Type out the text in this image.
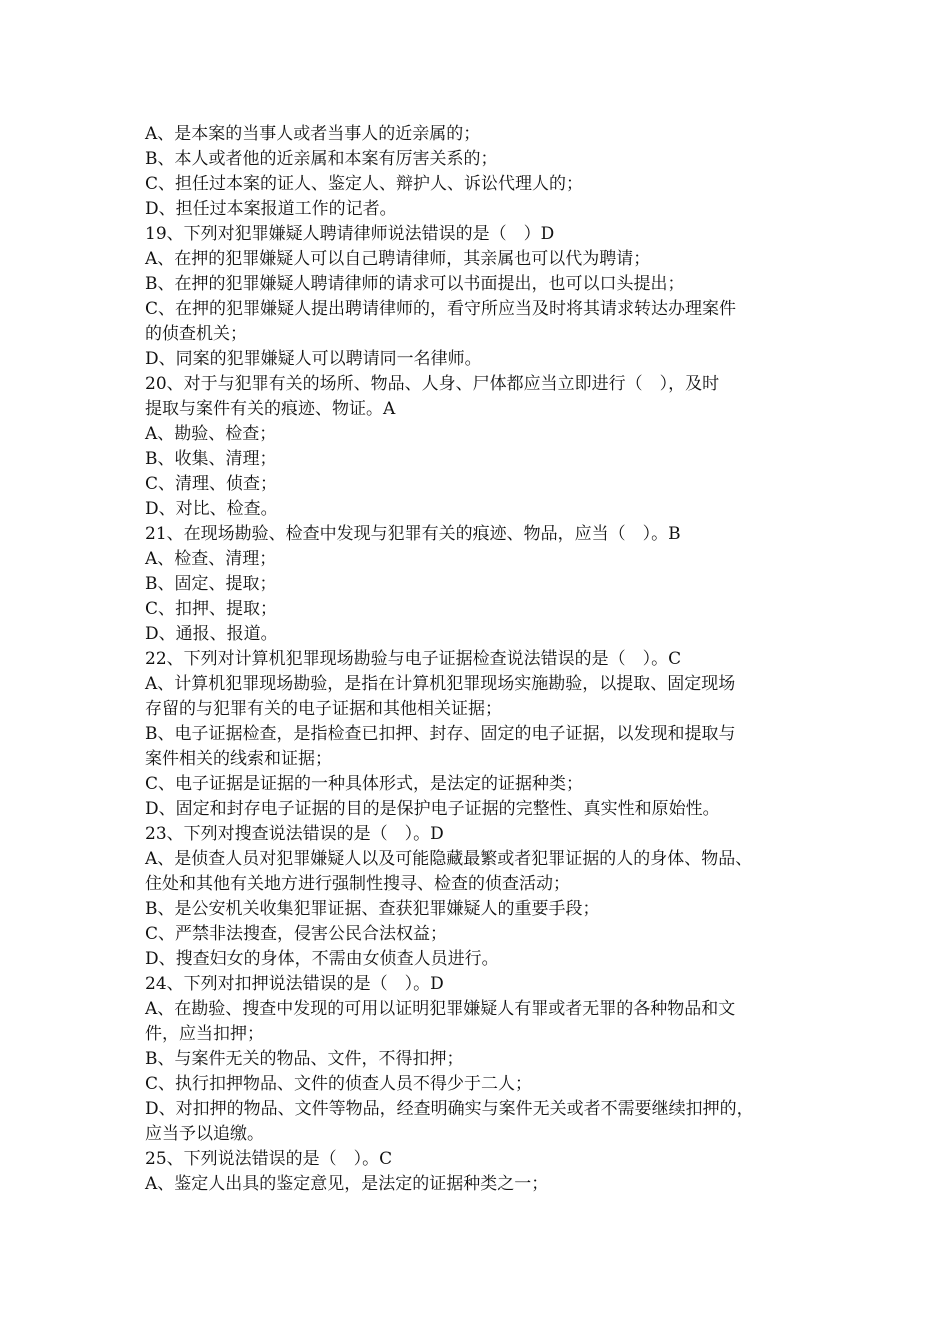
A、是本案的当事人或者当事人的近亲属的；
B、本人或者他的近亲属和本案有厉害关系的；
C、担任过本案的证人、鉴定人、辩护人、诉讼代理人的；
D、担任过本案报道工作的记者。
19、下列对犯罪嫌疑人聘请律师说法错误的是（　）D
A、在押的犯罪嫌疑人可以自己聘请律师，其亲属也可以代为聘请；
B、在押的犯罪嫌疑人聘请律师的请求可以书面提出，也可以口头提出；
C、在押的犯罪嫌疑人提出聘请律师的，看守所应当及时将其请求转达办理案件
的侦查机关；
D、同案的犯罪嫌疑人可以聘请同一名律师。
20、对于与犯罪有关的场所、物品、人身、尸体都应当立即进行（　），及时
提取与案件有关的痕迹、物证。A
A、勘验、检查；
B、收集、清理；
C、清理、侦查；
D、对比、检查。
21、在现场勘验、检查中发现与犯罪有关的痕迹、物品，应当（　）。B
A、检查、清理；
B、固定、提取；
C、扣押、提取；
D、通报、报道。
22、下列对计算机犯罪现场勘验与电子证据检查说法错误的是（　）。C
A、计算机犯罪现场勘验，是指在计算机犯罪现场实施勘验，以提取、固定现场
存留的与犯罪有关的电子证据和其他相关证据；
B、电子证据检查，是指检查已扣押、封存、固定的电子证据，以发现和提取与
案件相关的线索和证据；
C、电子证据是证据的一种具体形式，是法定的证据种类；
D、固定和封存电子证据的目的是保护电子证据的完整性、真实性和原始性。
23、下列对搜查说法错误的是（　）。D
A、是侦查人员对犯罪嫌疑人以及可能隐藏最繁或者犯罪证据的人的身体、物品、
住处和其他有关地方进行强制性搜寻、检查的侦查活动；
B、是公安机关收集犯罪证据、查获犯罪嫌疑人的重要手段；
C、严禁非法搜查，侵害公民合法权益；
D、搜查妇女的身体，不需由女侦查人员进行。
24、下列对扣押说法错误的是（　）。D
A、在勘验、搜查中发现的可用以证明犯罪嫌疑人有罪或者无罪的各种物品和文
件，应当扣押；
B、与案件无关的物品、文件，不得扣押；
C、执行扣押物品、文件的侦查人员不得少于二人；
D、对扣押的物品、文件等物品，经查明确实与案件无关或者不需要继续扣押的，
应当予以追缴。
25、下列说法错误的是（　）。C
A、鉴定人出具的鉴定意见，是法定的证据种类之一；
